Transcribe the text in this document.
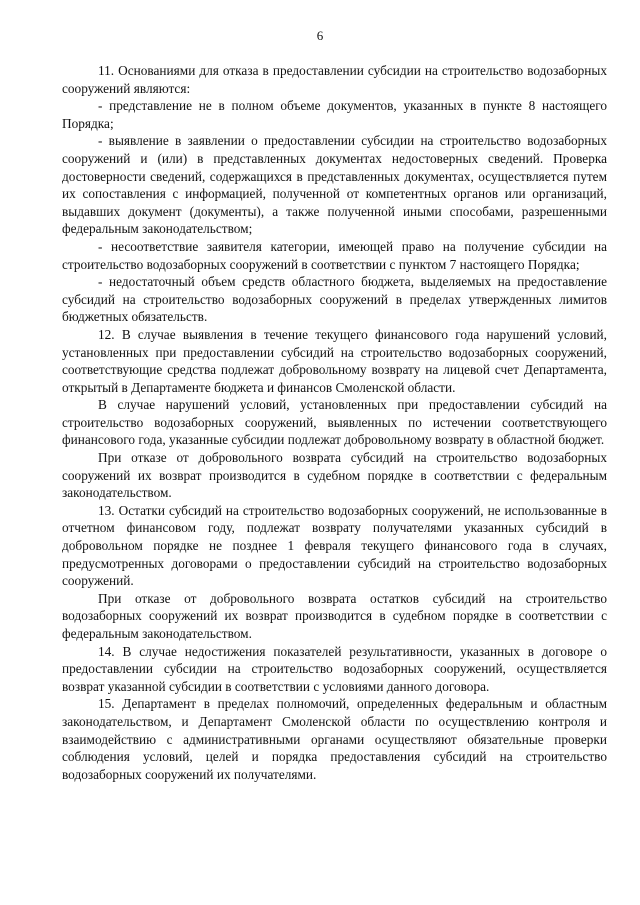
6

11. Основаниями для отказа в предоставлении субсидии на строительство водозаборных сооружений являются:

- представление не в полном объеме документов, указанных в пункте 8 настоящего Порядка;

- выявление в заявлении о предоставлении субсидии на строительство водозаборных сооружений и (или) в представленных документах недостоверных сведений. Проверка достоверности сведений, содержащихся в представленных документах, осуществляется путем их сопоставления с информацией, полученной от компетентных органов или организаций, выдавших документ (документы), а также полученной иными способами, разрешенными федеральным законодательством;

- несоответствие заявителя категории, имеющей право на получение субсидии на строительство водозаборных сооружений в соответствии с пунктом 7 настоящего Порядка;

- недостаточный объем средств областного бюджета, выделяемых на предоставление субсидий на строительство водозаборных сооружений в пределах утвержденных лимитов бюджетных обязательств.

12. В случае выявления в течение текущего финансового года нарушений условий, установленных при предоставлении субсидий на строительство водозаборных сооружений, соответствующие средства подлежат добровольному возврату на лицевой счет Департамента, открытый в Департаменте бюджета и финансов Смоленской области.

В случае нарушений условий, установленных при предоставлении субсидий на строительство водозаборных сооружений, выявленных по истечении соответствующего финансового года, указанные субсидии подлежат добровольному возврату в областной бюджет.

При отказе от добровольного возврата субсидий на строительство водозаборных сооружений их возврат производится в судебном порядке в соответствии с федеральным законодательством.

13. Остатки субсидий на строительство водозаборных сооружений, не использованные в отчетном финансовом году, подлежат возврату получателями указанных субсидий в добровольном порядке не позднее 1 февраля текущего финансового года в случаях, предусмотренных договорами о предоставлении субсидий на строительство водозаборных сооружений.

При отказе от добровольного возврата остатков субсидий на строительство водозаборных сооружений их возврат производится в судебном порядке в соответствии с федеральным законодательством.

14. В случае недостижения показателей результативности, указанных в договоре о предоставлении субсидии на строительство водозаборных сооружений, осуществляется возврат указанной субсидии в соответствии с условиями данного договора.

15. Департамент в пределах полномочий, определенных федеральным и областным законодательством, и Департамент Смоленской области по осуществлению контроля и взаимодействию с административными органами осуществляют обязательные проверки соблюдения условий, целей и порядка предоставления субсидий на строительство водозаборных сооружений их получателями.
